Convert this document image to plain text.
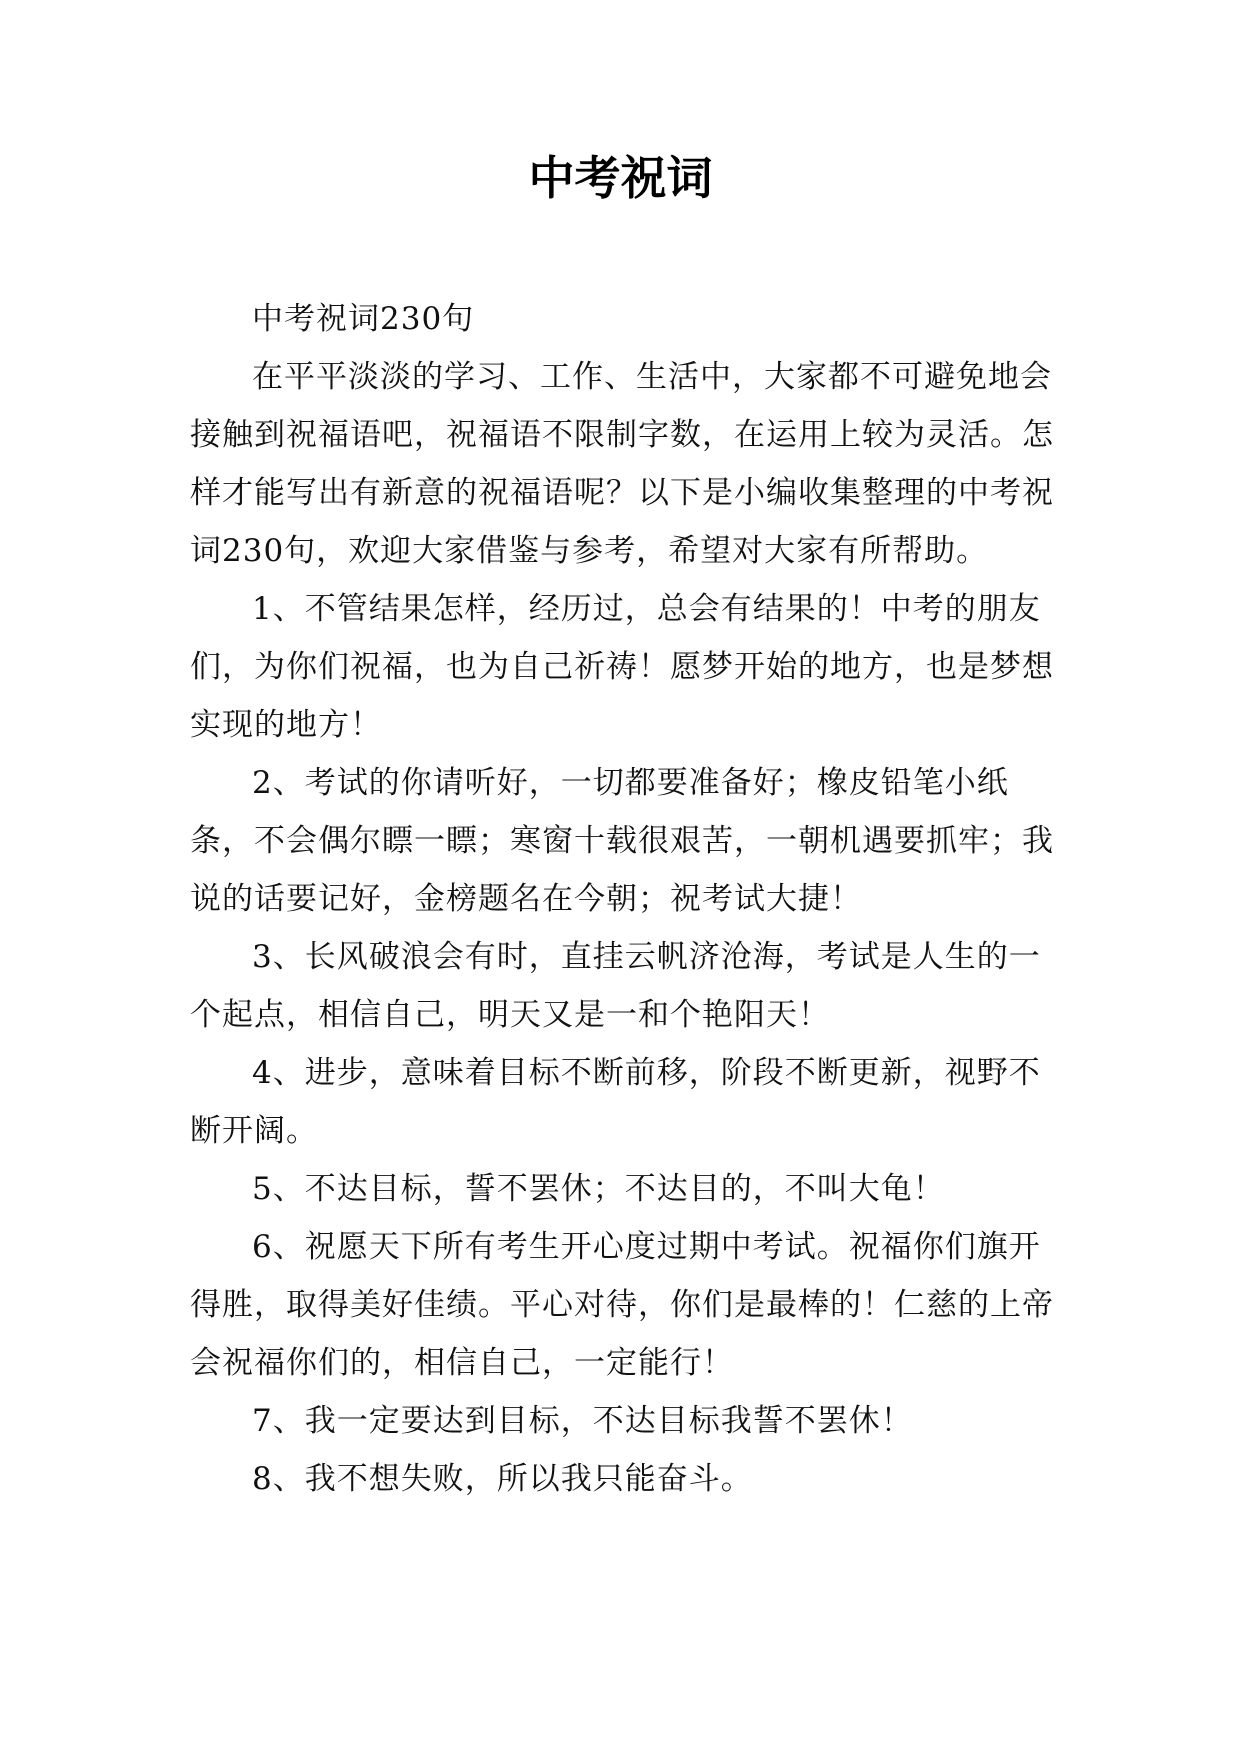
中考祝词

中考祝词230句

在平平淡淡的学习、工作、生活中，大家都不可避免地会接触到祝福语吧，祝福语不限制字数，在运用上较为灵活。怎样才能写出有新意的祝福语呢？以下是小编收集整理的中考祝词230句，欢迎大家借鉴与参考，希望对大家有所帮助。

1、不管结果怎样，经历过，总会有结果的！中考的朋友们，为你们祝福，也为自己祈祷！愿梦开始的地方，也是梦想实现的地方！

2、考试的你请听好，一切都要准备好；橡皮铅笔小纸条，不会偶尔瞟一瞟；寒窗十载很艰苦，一朝机遇要抓牢；我说的话要记好，金榜题名在今朝；祝考试大捷！

3、长风破浪会有时，直挂云帆济沧海，考试是人生的一个起点，相信自己，明天又是一和个艳阳天！

4、进步，意味着目标不断前移，阶段不断更新，视野不断开阔。

5、不达目标，誓不罢休；不达目的，不叫大龟！

6、祝愿天下所有考生开心度过期中考试。祝福你们旗开得胜，取得美好佳绩。平心对待，你们是最棒的！仁慈的上帝会祝福你们的，相信自己，一定能行！

7、我一定要达到目标，不达目标我誓不罢休！

8、我不想失败，所以我只能奋斗。
